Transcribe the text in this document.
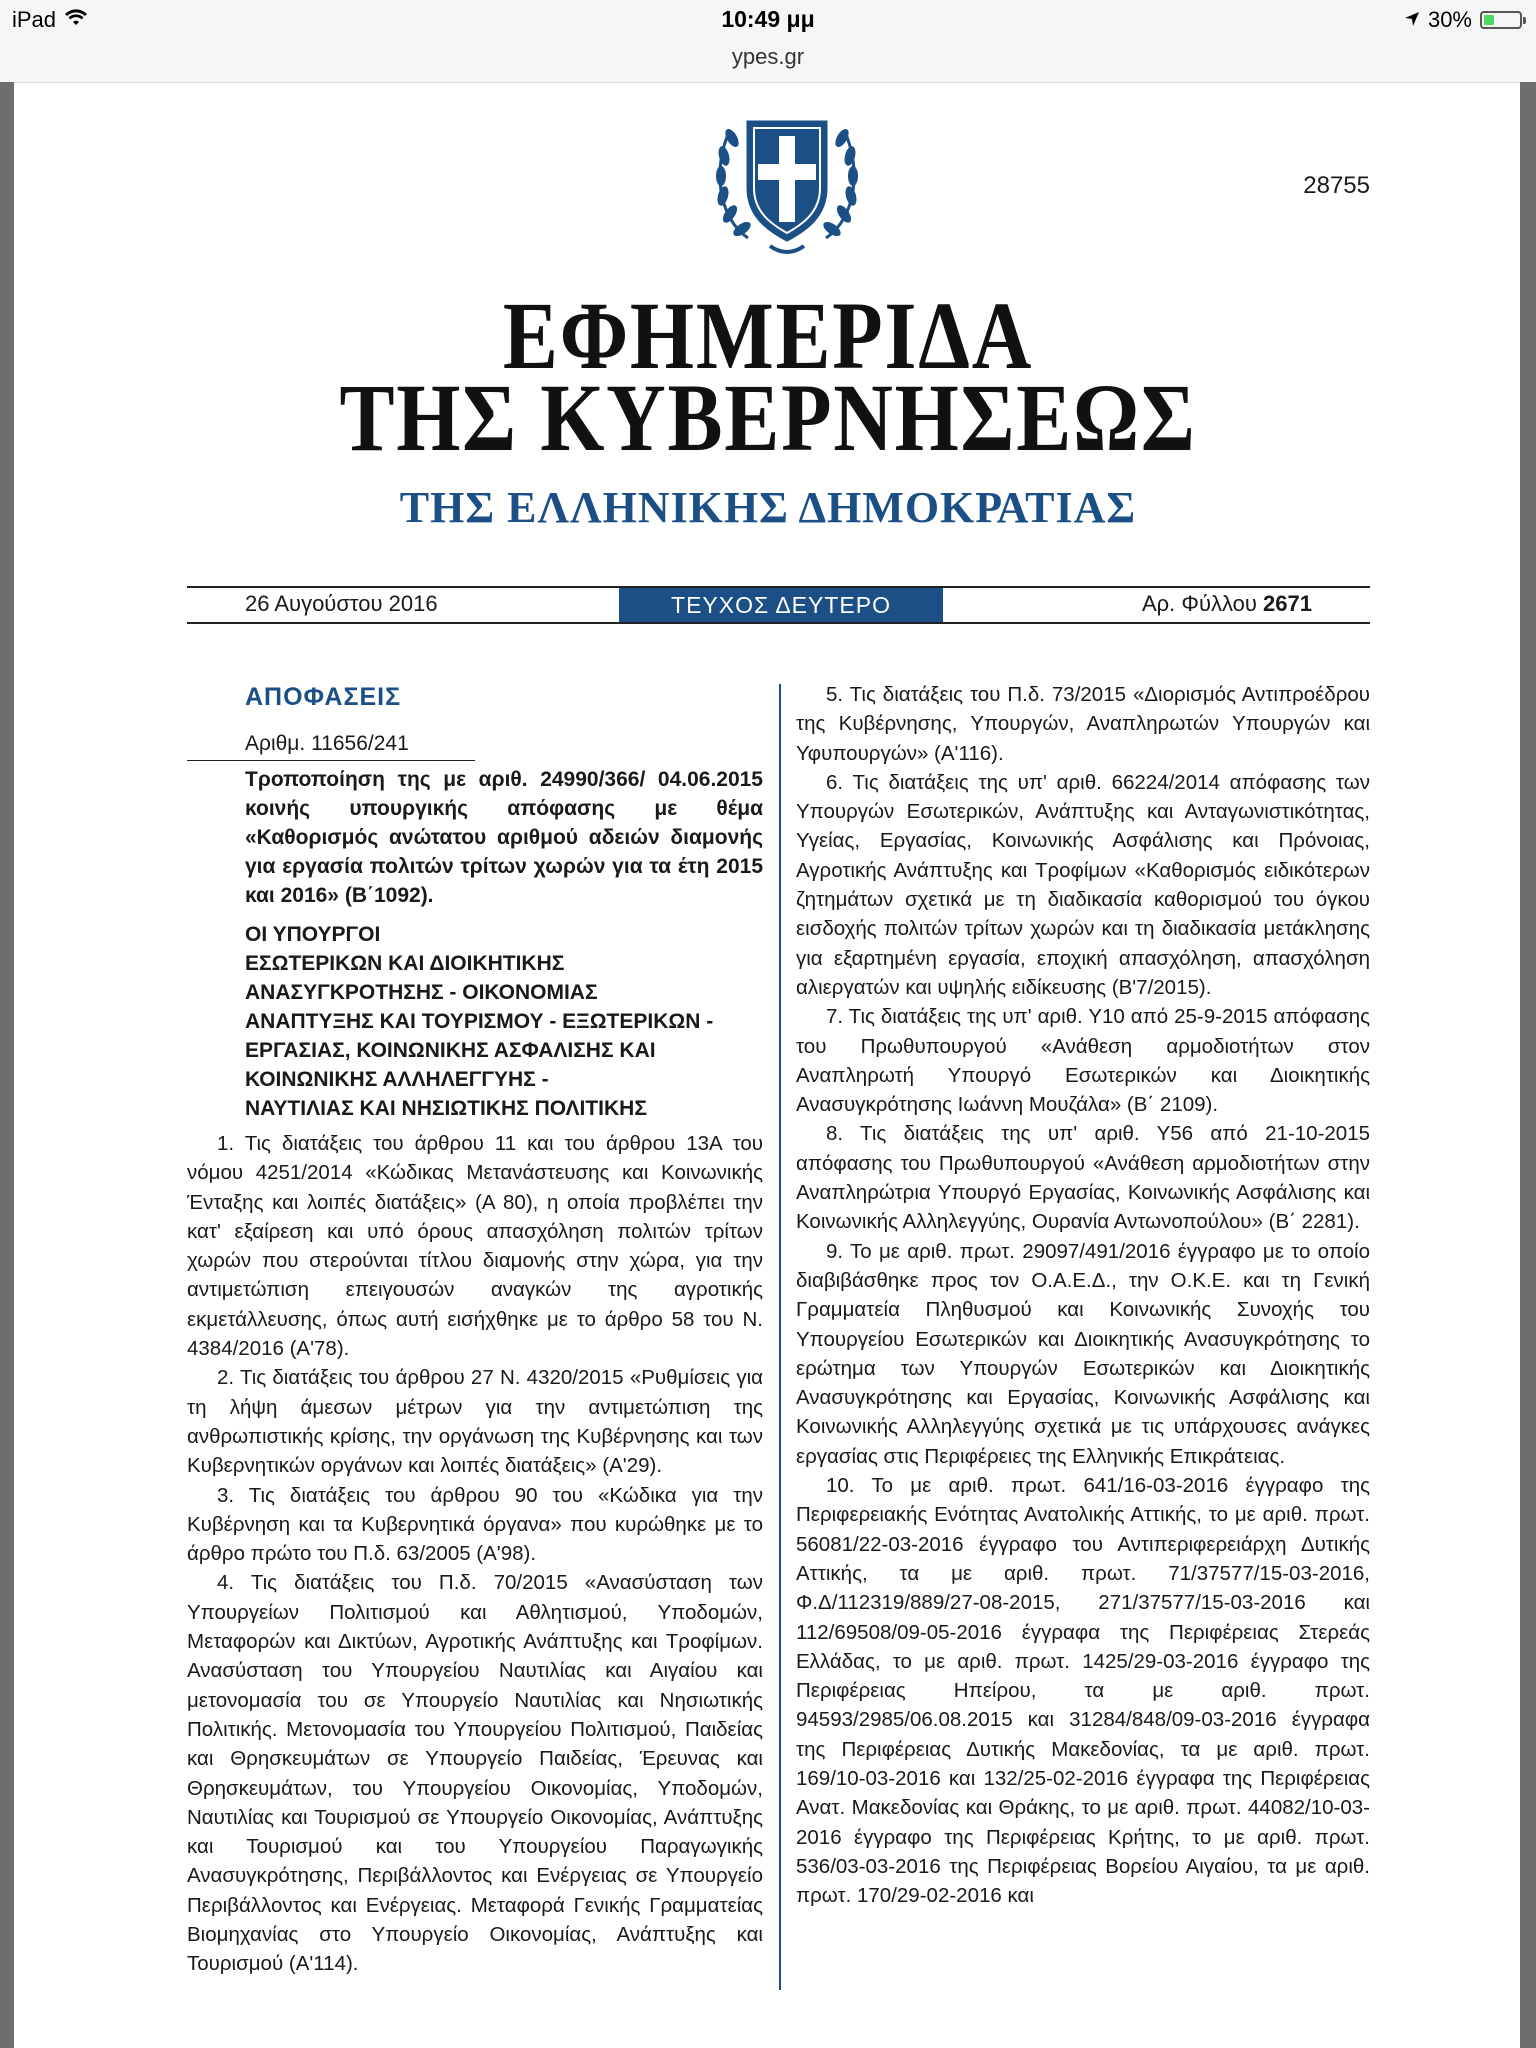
iPad	10:49 μμ
ypes.gr
30%
28755
ΕΦΗΜΕΡΙΔΑ
ΤΗΣ ΚΥΒΕΡΝΗΣΕΩΣ
ΤΗΣ ΕΛΛΗΝΙΚΗΣ ΔΗΜΟΚΡΑΤΙΑΣ
26 Αυγούστου 2016	ΤΕΥΧΟΣ ΔΕΥΤΕΡΟ	Αρ. Φύλλου 2671
ΑΠΟΦΑΣΕΙΣ
Αριθμ. 11656/241
Τροποποίηση της με αριθ. 24990/366/ 04.06.2015 κοινής υπουργικής απόφασης με θέμα «Καθορισμός ανώτατου αριθμού αδειών διαμονής για εργασία πολιτών τρίτων χωρών για τα έτη 2015 και 2016» (Β΄1092).
ΟΙ ΥΠΟΥΡΓΟΙ
ΕΣΩΤΕΡΙΚΩΝ ΚΑΙ ΔΙΟΙΚΗΤΙΚΗΣ
ΑΝΑΣΥΓΚΡΟΤΗΣΗΣ - ΟΙΚΟΝΟΜΙΑΣ
ΑΝΑΠΤΥΞΗΣ ΚΑΙ ΤΟΥΡΙΣΜΟΥ - ΕΞΩΤΕΡΙΚΩΝ -
ΕΡΓΑΣΙΑΣ, ΚΟΙΝΩΝΙΚΗΣ ΑΣΦΑΛΙΣΗΣ ΚΑΙ
ΚΟΙΝΩΝΙΚΗΣ ΑΛΛΗΛΕΓΓΥΗΣ -
ΝΑΥΤΙΛΙΑΣ ΚΑΙ ΝΗΣΙΩΤΙΚΗΣ ΠΟΛΙΤΙΚΗΣ

1. Τις διατάξεις του άρθρου 11 και του άρθρου 13Α του νόμου 4251/2014 «Κώδικας Μετανάστευσης και Κοινωνικής Ένταξης και λοιπές διατάξεις» (Α 80), η οποία προβλέπει την κατ' εξαίρεση και υπό όρους απασχόληση πολιτών τρίτων χωρών που στερούνται τίτλου διαμονής στην χώρα, για την αντιμετώπιση επειγουσών αναγκών της αγροτικής εκμετάλλευσης, όπως αυτή εισήχθηκε με το άρθρο 58 του Ν. 4384/2016 (Α'78).

2. Τις διατάξεις του άρθρου 27 Ν. 4320/2015 «Ρυθμίσεις για τη λήψη άμεσων μέτρων για την αντιμετώπιση της ανθρωπιστικής κρίσης, την οργάνωση της Κυβέρνησης και των Κυβερνητικών οργάνων και λοιπές διατάξεις» (Α'29).

3. Τις διατάξεις του άρθρου 90 του «Κώδικα για την Κυβέρνηση και τα Κυβερνητικά όργανα» που κυρώθηκε με το άρθρο πρώτο του Π.δ. 63/2005 (Α'98).

4. Τις διατάξεις του Π.δ. 70/2015 «Ανασύσταση των Υπουργείων Πολιτισμού και Αθλητισμού, Υποδομών, Μεταφορών και Δικτύων, Αγροτικής Ανάπτυξης και Τροφίμων. Ανασύσταση του Υπουργείου Ναυτιλίας και Αιγαίου και μετονομασία του σε Υπουργείο Ναυτιλίας και Νησιωτικής Πολιτικής. Μετονομασία του Υπουργείου Πολιτισμού, Παιδείας και Θρησκευμάτων σε Υπουργείο Παιδείας, Έρευνας και Θρησκευμάτων, του Υπουργείου Οικονομίας, Υποδομών, Ναυτιλίας και Τουρισμού σε Υπουργείο Οικονομίας, Ανάπτυξης και Τουρισμού και του Υπουργείου Παραγωγικής Ανασυγκρότησης, Περιβάλλοντος και Ενέργειας σε Υπουργείο Περιβάλλοντος και Ενέργειας. Μεταφορά Γενικής Γραμματείας Βιομηχανίας στο Υπουργείο Οικονομίας, Ανάπτυξης και Τουρισμού (Α'114).

5. Τις διατάξεις του Π.δ. 73/2015 «Διορισμός Αντιπροέδρου της Κυβέρνησης, Υπουργών, Αναπληρωτών Υπουργών και Υφυπουργών» (Α'116).

6. Τις διατάξεις της υπ' αριθ. 66224/2014 απόφασης των Υπουργών Εσωτερικών, Ανάπτυξης και Ανταγωνιστικότητας, Υγείας, Εργασίας, Κοινωνικής Ασφάλισης και Πρόνοιας, Αγροτικής Ανάπτυξης και Τροφίμων «Καθορισμός ειδικότερων ζητημάτων σχετικά με τη διαδικασία καθορισμού του όγκου εισδοχής πολιτών τρίτων χωρών και τη διαδικασία μετάκλησης για εξαρτημένη εργασία, εποχική απασχόληση, απασχόληση αλιεργατών και υψηλής ειδίκευσης (Β'7/2015).

7. Τις διατάξεις της υπ' αριθ. Υ10 από 25-9-2015 απόφασης του Πρωθυπουργού «Ανάθεση αρμοδιοτήτων στον Αναπληρωτή Υπουργό Εσωτερικών και Διοικητικής Ανασυγκρότησης Ιωάννη Μουζάλα» (Β΄ 2109).

8. Τις διατάξεις της υπ' αριθ. Υ56 από 21-10-2015 απόφασης του Πρωθυπουργού «Ανάθεση αρμοδιοτήτων στην Αναπληρώτρια Υπουργό Εργασίας, Κοινωνικής Ασφάλισης και Κοινωνικής Αλληλεγγύης, Ουρανία Αντωνοπούλου» (Β΄ 2281).

9. Το με αριθ. πρωτ. 29097/491/2016 έγγραφο με το οποίο διαβιβάσθηκε προς τον Ο.Α.Ε.Δ., την Ο.Κ.Ε. και τη Γενική Γραμματεία Πληθυσμού και Κοινωνικής Συνοχής του Υπουργείου Εσωτερικών και Διοικητικής Ανασυγκρότησης το ερώτημα των Υπουργών Εσωτερικών και Διοικητικής Ανασυγκρότησης και Εργασίας, Κοινωνικής Ασφάλισης και Κοινωνικής Αλληλεγγύης σχετικά με τις υπάρχουσες ανάγκες εργασίας στις Περιφέρειες της Ελληνικής Επικράτειας.

10. Το με αριθ. πρωτ. 641/16-03-2016 έγγραφο της Περιφερειακής Ενότητας Ανατολικής Αττικής, το με αριθ. πρωτ. 56081/22-03-2016 έγγραφο του Αντιπεριφερειάρχη Δυτικής Αττικής, τα με αριθ. πρωτ. 71/37577/15-03-2016, Φ.Δ/112319/889/27-08-2015, 271/37577/15-03-2016 και 112/69508/09-05-2016 έγγραφα της Περιφέρειας Στερεάς Ελλάδας, το με αριθ. πρωτ. 1425/29-03-2016 έγγραφο της Περιφέρειας Ηπείρου, τα με αριθ. πρωτ. 94593/2985/06.08.2015 και 31284/848/09-03-2016 έγγραφα της Περιφέρειας Δυτικής Μακεδονίας, τα με αριθ. πρωτ. 169/10-03-2016 και 132/25-02-2016 έγγραφα της Περιφέρειας Ανατ. Μακεδονίας και Θράκης, το με αριθ. πρωτ. 44082/10-03-2016 έγγραφο της Περιφέρειας Κρήτης, το με αριθ. πρωτ. 536/03-03-2016 της Περιφέρειας Βορείου Αιγαίου, τα με αριθ. πρωτ. 170/29-02-2016 και
